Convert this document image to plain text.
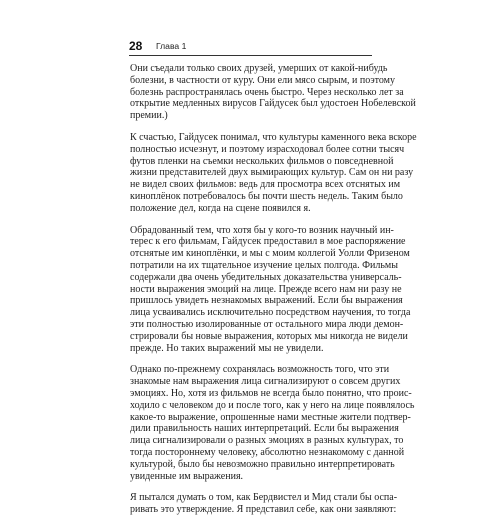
28 Глава 1
Они съедали только своих друзей, умерших от какой-нибудь
болезни, в частности от куру. Они ели мясо сырым, и поэтому
болезнь распространялась очень быстро. Через несколько лет за
открытие медленных вирусов Гайдусек был удостоен Нобелевской
премии.)
К счастью, Гайдусек понимал, что культуры каменного века вскоре
полностью исчезнут, и поэтому израсходовал более сотни тысяч
футов пленки на съемки нескольких фильмов о повседневной
жизни представителей двух вымирающих культур. Сам он ни разу
не видел своих фильмов: ведь для просмотра всех отснятых им
киноплёнок потребовалось бы почти шесть недель. Таким было
положение дел, когда на сцене появился я.
Обрадованный тем, что хотя бы у кого-то возник научный ин-
терес к его фильмам, Гайдусек предоставил в мое распоряжение
отснятые им киноплёнки, и мы с моим коллегой Уолли Фризеном
потратили на их тщательное изучение целых полгода. Фильмы
содержали два очень убедительных доказательства универсаль-
ности выражения эмоций на лице. Прежде всего нам ни разу не
пришлось увидеть незнакомых выражений. Если бы выражения
лица усваивались исключительно посредством научения, то тогда
эти полностью изолированные от остального мира люди демон-
стрировали бы новые выражения, которых мы никогда не видели
прежде. Но таких выражений мы не увидели.
Однако по-прежнему сохранялась возможность того, что эти
знакомые нам выражения лица сигнализируют о совсем других
эмоциях. Но, хотя из фильмов не всегда было понятно, что проис-
ходило с человеком до и после того, как у него на лице появлялось
какое-то выражение, опрошенные нами местные жители подтвер-
дили правильность наших интерпретаций. Если бы выражения
лица сигнализировали о разных эмоциях в разных культурах, то
тогда постороннему человеку, абсолютно незнакомому с данной
культурой, было бы невозможно правильно интерпретировать
увиденные им выражения.
Я пытался думать о том, как Бердвистел и Мид стали бы оспа-
ривать это утверждение. Я представил себе, как они заявляют:
